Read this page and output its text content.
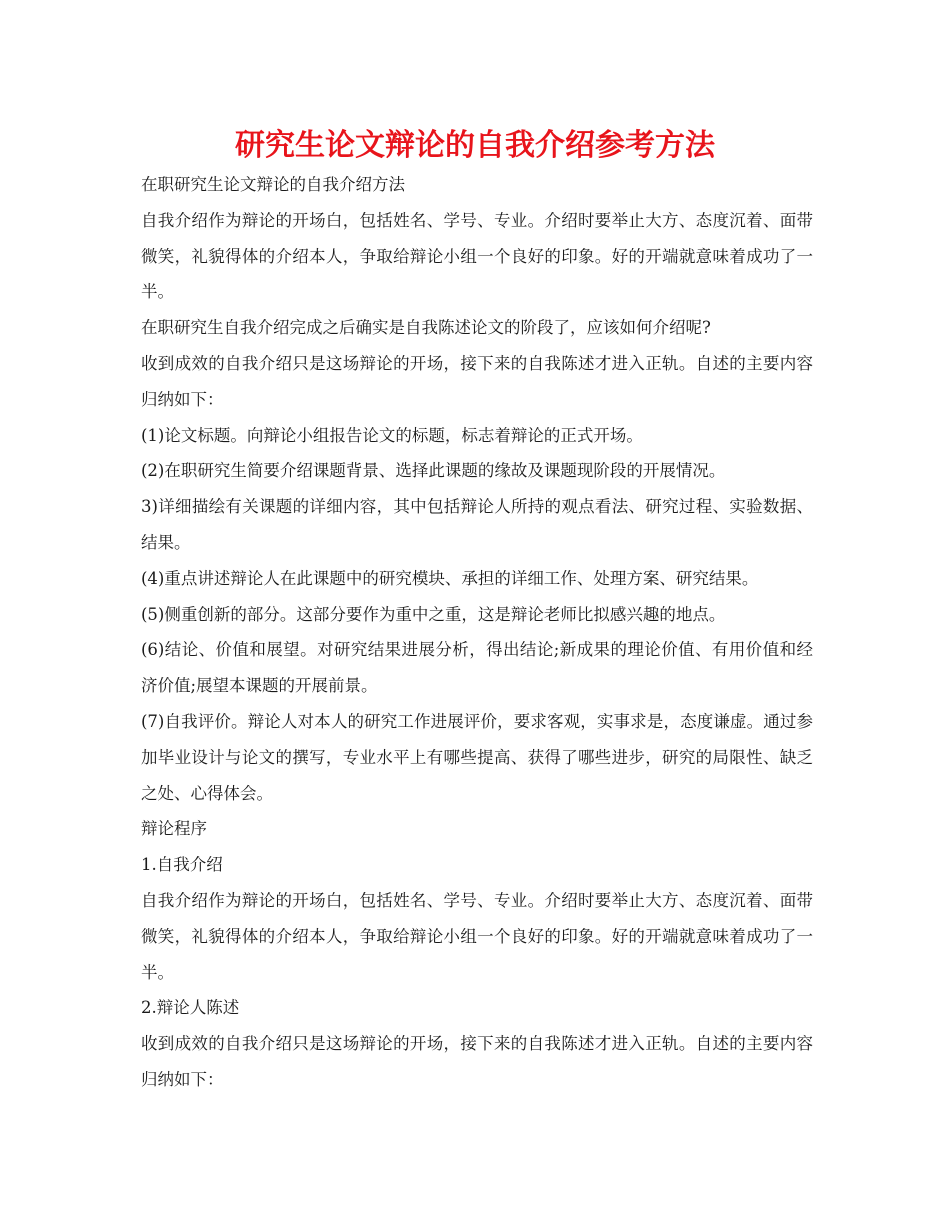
研究生论文辩论的自我介绍参考方法

在职研究生论文辩论的自我介绍方法

自我介绍作为辩论的开场白，包括姓名、学号、专业。介绍时要举止大方、态度沉着、面带微笑，礼貌得体的介绍本人，争取给辩论小组一个良好的印象。好的开端就意味着成功了一半。

在职研究生自我介绍完成之后确实是自我陈述论文的阶段了，应该如何介绍呢?

收到成效的自我介绍只是这场辩论的开场，接下来的自我陈述才进入正轨。自述的主要内容归纳如下：

(1)论文标题。向辩论小组报告论文的标题，标志着辩论的正式开场。

(2)在职研究生简要介绍课题背景、选择此课题的缘故及课题现阶段的开展情况。

3)详细描绘有关课题的详细内容，其中包括辩论人所持的观点看法、研究过程、实验数据、结果。

(4)重点讲述辩论人在此课题中的研究模块、承担的详细工作、处理方案、研究结果。

(5)侧重创新的部分。这部分要作为重中之重，这是辩论老师比拟感兴趣的地点。

(6)结论、价值和展望。对研究结果进展分析，得出结论;新成果的理论价值、有用价值和经济价值;展望本课题的开展前景。

(7)自我评价。辩论人对本人的研究工作进展评价，要求客观，实事求是，态度谦虚。通过参加毕业设计与论文的撰写，专业水平上有哪些提高、获得了哪些进步，研究的局限性、缺乏之处、心得体会。

辩论程序

1.自我介绍

自我介绍作为辩论的开场白，包括姓名、学号、专业。介绍时要举止大方、态度沉着、面带微笑，礼貌得体的介绍本人，争取给辩论小组一个良好的印象。好的开端就意味着成功了一半。

2.辩论人陈述

收到成效的自我介绍只是这场辩论的开场，接下来的自我陈述才进入正轨。自述的主要内容归纳如下：
